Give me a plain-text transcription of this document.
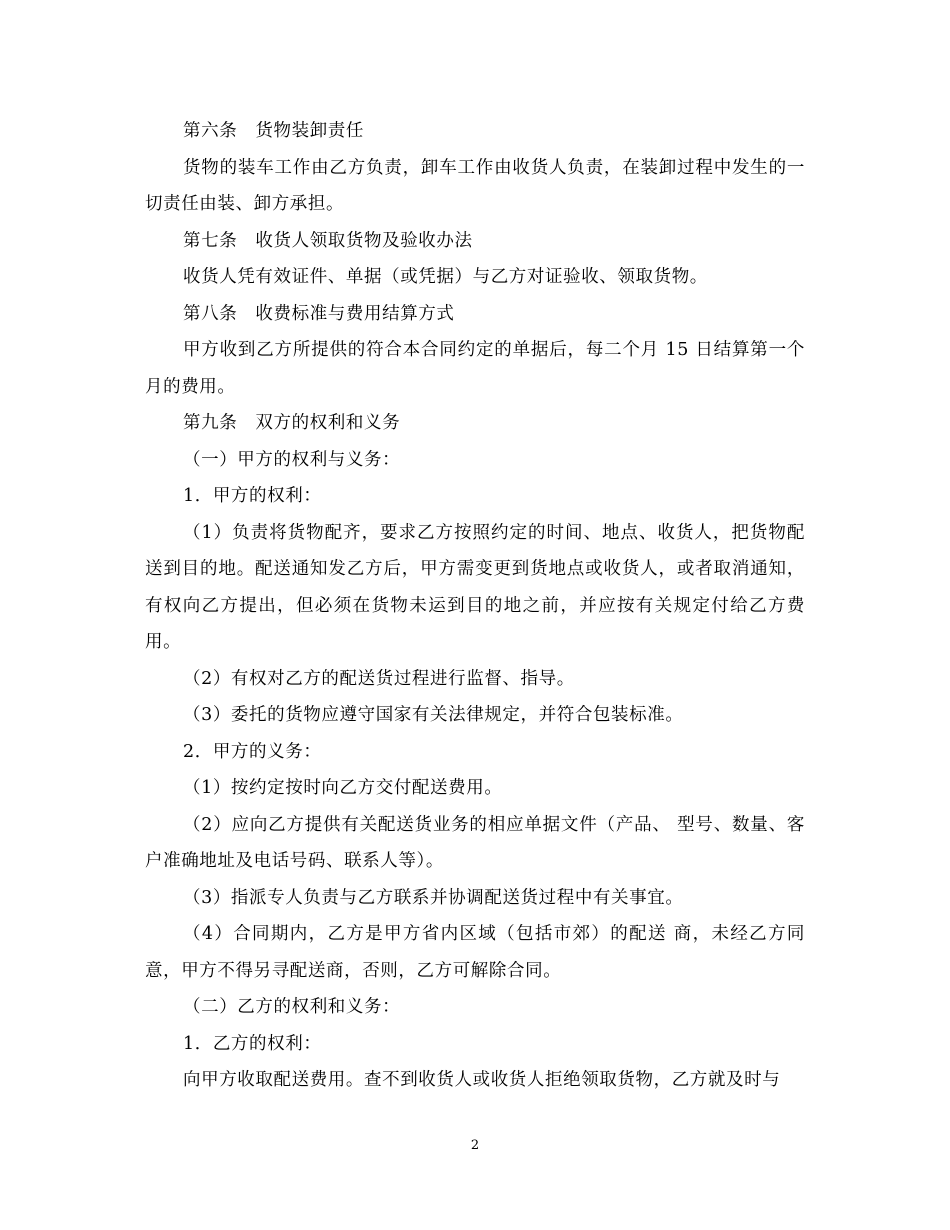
第六条　货物装卸责任

货物的装车工作由乙方负责，卸车工作由收货人负责，在装卸过程中发生的一切责任由装、卸方承担。

第七条　收货人领取货物及验收办法

收货人凭有效证件、单据（或凭据）与乙方对证验收、领取货物。

第八条　收费标准与费用结算方式

甲方收到乙方所提供的符合本合同约定的单据后，每二个月 15 日结算第一个月的费用。

第九条　双方的权利和义务

（一）甲方的权利与义务：

1．甲方的权利：

（1）负责将货物配齐，要求乙方按照约定的时间、地点、收货人，把货物配送到目的地。配送通知发乙方后，甲方需变更到货地点或收货人，或者取消通知，有权向乙方提出，但必须在货物未运到目的地之前，并应按有关规定付给乙方费用。

（2）有权对乙方的配送货过程进行监督、指导。

（3）委托的货物应遵守国家有关法律规定，并符合包装标准。

2．甲方的义务：

（1）按约定按时向乙方交付配送费用。

（2）应向乙方提供有关配送货业务的相应单据文件（产品、 型号、数量、客户准确地址及电话号码、联系人等）。

（3）指派专人负责与乙方联系并协调配送货过程中有关事宜。

（4）合同期内，乙方是甲方省内区域（包括市郊）的配送 商，未经乙方同意，甲方不得另寻配送商，否则，乙方可解除合同。

（二）乙方的权利和义务：

1．乙方的权利：

向甲方收取配送费用。查不到收货人或收货人拒绝领取货物，乙方就及时与

2
